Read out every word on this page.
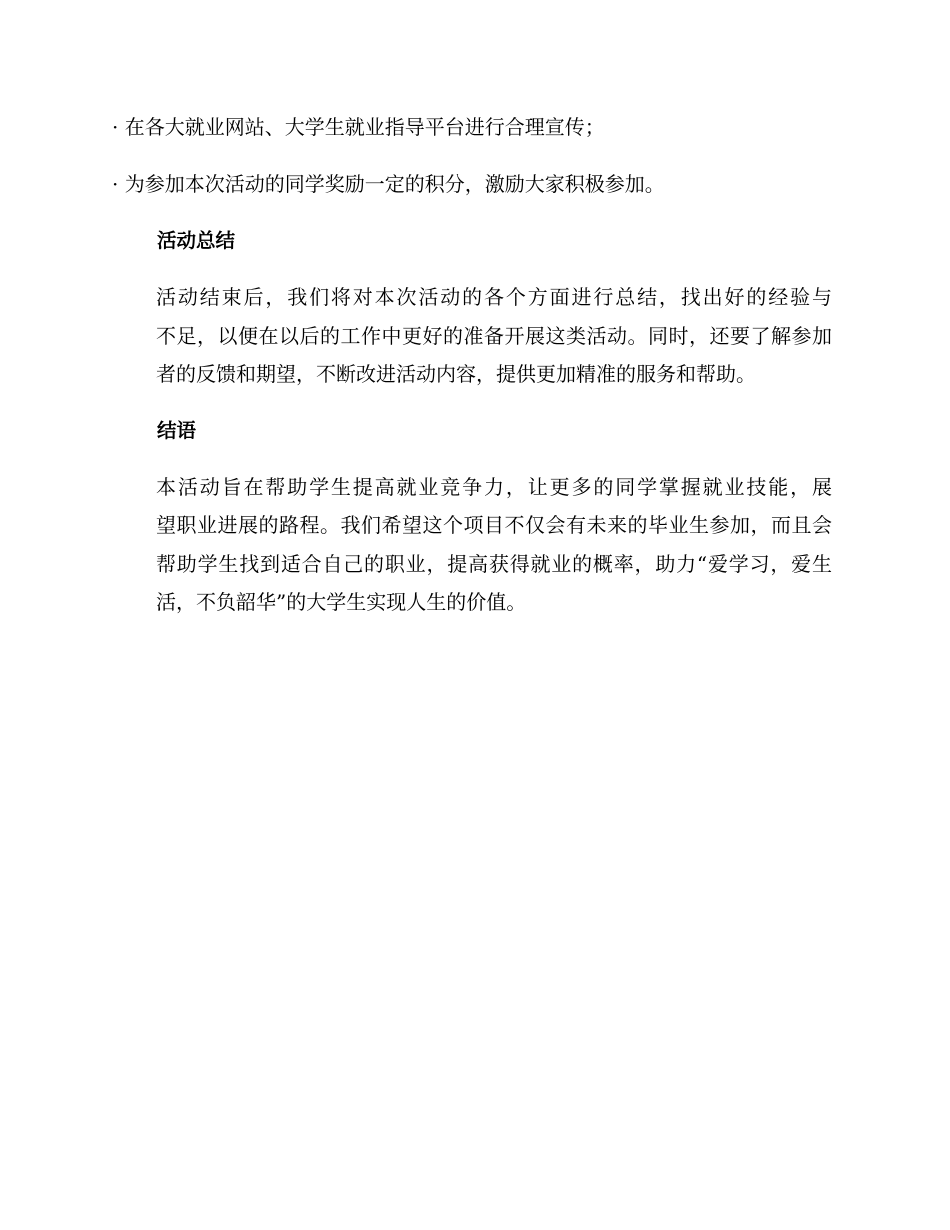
· 在各大就业网站、大学生就业指导平台进行合理宣传；

· 为参加本次活动的同学奖励一定的积分，激励大家积极参加。

活动总结

活动结束后，我们将对本次活动的各个方面进行总结，找出好的经验与
不足，以便在以后的工作中更好的准备开展这类活动。同时，还要了解参加
者的反馈和期望，不断改进活动内容，提供更加精准的服务和帮助。

结语

本活动旨在帮助学生提高就业竞争力，让更多的同学掌握就业技能，展
望职业进展的路程。我们希望这个项目不仅会有未来的毕业生参加，而且会
帮助学生找到适合自己的职业，提高获得就业的概率，助力“爱学习，爱生
活，不负韶华”的大学生实现人生的价值。
